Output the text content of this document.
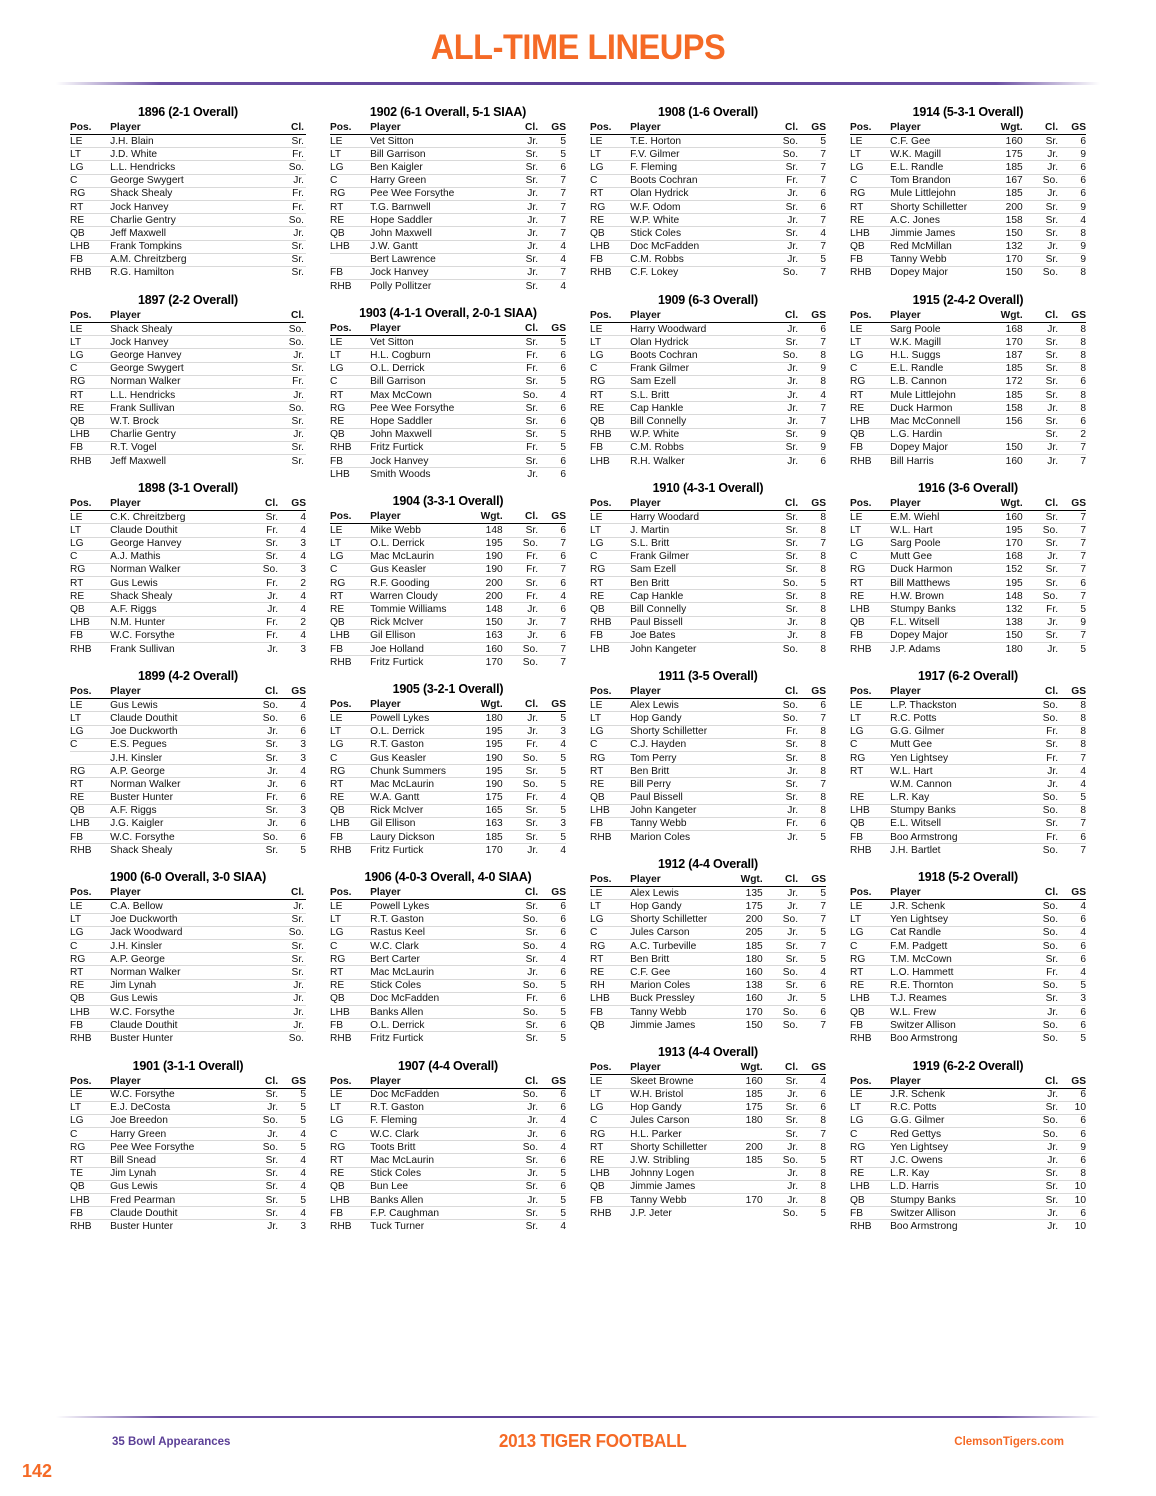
ALL-TIME LINEUPS
1896 (2-1 Overall)
Pos.	Player	Cl.
LE	J.H. Blain	Sr.
LT	J.D. White	Fr.
LG	L.L. Hendricks	So.
C	George Swygert	Jr.
RG	Shack Shealy	Fr.
RT	Jock Hanvey	Fr.
RE	Charlie Gentry	So.
QB	Jeff Maxwell	Jr.
LHB	Frank Tompkins	Sr.
FB	A.M. Chreitzberg	Sr.
RHB	R.G. Hamilton	Sr.
1897 (2-2 Overall)
Pos.	Player	Cl.
LE	Shack Shealy	So.
LT	Jock Hanvey	So.
LG	George Hanvey	Jr.
C	George Swygert	Sr.
RG	Norman Walker	Fr.
RT	L.L. Hendricks	Jr.
RE	Frank Sullivan	So.
QB	W.T. Brock	Sr.
LHB	Charlie Gentry	Jr.
FB	R.T. Vogel	Sr.
RHB	Jeff Maxwell	Sr.
1898 (3-1 Overall)
Pos.	Player	Cl.	GS
LE	C.K. Chreitzberg	Sr.	4
LT	Claude Douthit	Fr.	4
LG	George Hanvey	Sr.	3
C	A.J. Mathis	Sr.	4
RG	Norman Walker	So.	3
RT	Gus Lewis	Fr.	2
RE	Shack Shealy	Jr.	4
QB	A.F. Riggs	Jr.	4
LHB	N.M. Hunter	Fr.	2
FB	W.C. Forsythe	Fr.	4
RHB	Frank Sullivan	Jr.	3
1899 (4-2 Overall)
Pos.	Player	Cl.	GS
LE	Gus Lewis	So.	4
LT	Claude Douthit	So.	6
LG	Joe Duckworth	Jr.	6
C	E.S. Pegues	Sr.	3
	J.H. Kinsler	Sr.	3
RG	A.P. George	Jr.	4
RT	Norman Walker	Jr.	6
RE	Buster Hunter	Fr.	6
QB	A.F. Riggs	Sr.	3
LHB	J.G. Kaigler	Jr.	6
FB	W.C. Forsythe	So.	6
RHB	Shack Shealy	Sr.	5
1900 (6-0 Overall, 3-0 SIAA)
Pos.	Player	Cl.
LE	C.A. Bellow	Jr.
LT	Joe Duckworth	Sr.
LG	Jack Woodward	So.
C	J.H. Kinsler	Sr.
RG	A.P. George	Sr.
RT	Norman Walker	Sr.
RE	Jim Lynah	Jr.
QB	Gus Lewis	Jr.
LHB	W.C. Forsythe	Jr.
FB	Claude Douthit	Jr.
RHB	Buster Hunter	So.
1901 (3-1-1 Overall)
Pos.	Player	Cl.	GS
LE	W.C. Forsythe	Sr.	5
LT	E.J. DeCosta	Jr.	5
LG	Joe Breedon	So.	5
C	Harry Green	Jr.	4
RG	Pee Wee Forsythe	So.	5
RT	Bill Snead	Sr.	4
TE	Jim Lynah	Sr.	4
QB	Gus Lewis	Sr.	4
LHB	Fred Pearman	Sr.	5
FB	Claude Douthit	Sr.	4
RHB	Buster Hunter	Jr.	3
1902 (6-1 Overall, 5-1 SIAA)
Pos.	Player	Cl.	GS
LE	Vet Sitton	Jr.	5
LT	Bill Garrison	Sr.	5
LG	Ben Kaigler	Sr.	6
C	Harry Green	Sr.	7
RG	Pee Wee Forsythe	Jr.	7
RT	T.G. Barnwell	Jr.	7
RE	Hope Saddler	Jr.	7
QB	John Maxwell	Jr.	7
LHB	J.W. Gantt	Jr.	4
	Bert Lawrence	Sr.	4
FB	Jock Hanvey	Jr.	7
RHB	Polly Pollitzer	Sr.	4
1903 (4-1-1 Overall, 2-0-1 SIAA)
Pos.	Player	Cl.	GS
LE	Vet Sitton	Sr.	5
LT	H.L. Cogburn	Fr.	6
LG	O.L. Derrick	Fr.	6
C	Bill Garrison	Sr.	5
RT	Max McCown	So.	4
RG	Pee Wee Forsythe	Sr.	6
RE	Hope Saddler	Sr.	6
QB	John Maxwell	Sr.	5
RHB	Fritz Furtick	Fr.	5
FB	Jock Hanvey	Sr.	6
LHB	Smith Woods	Jr.	6
1904 (3-3-1 Overall)
Pos.	Player	Wgt.	Cl.	GS
LE	Mike Webb	148	Sr.	6
LT	O.L. Derrick	195	So.	7
LG	Mac McLaurin	190	Fr.	6
C	Gus Keasler	190	Fr.	7
RG	R.F. Gooding	200	Sr.	6
RT	Warren Cloudy	200	Fr.	4
RE	Tommie Williams	148	Jr.	6
QB	Rick McIver	150	Jr.	7
LHB	Gil Ellison	163	Jr.	6
FB	Joe Holland	160	So.	7
RHB	Fritz Furtick	170	So.	7
1905 (3-2-1 Overall)
Pos.	Player	Wgt.	Cl.	GS
LE	Powell Lykes	180	Jr.	5
LT	O.L. Derrick	195	Jr.	3
LG	R.T. Gaston	195	Fr.	4
C	Gus Keasler	190	So.	5
RG	Chunk Summers	195	Sr.	5
RT	Mac McLaurin	190	So.	5
RE	W.A. Gantt	175	Fr.	4
QB	Rick McIver	165	Sr.	5
LHB	Gil Ellison	163	Sr.	3
FB	Laury Dickson	185	Sr.	5
RHB	Fritz Furtick	170	Jr.	4
1906 (4-0-3 Overall, 4-0 SIAA)
Pos.	Player	Cl.	GS
LE	Powell Lykes	Sr.	6
LT	R.T. Gaston	So.	6
LG	Rastus Keel	Sr.	6
C	W.C. Clark	So.	4
RG	Bert Carter	Sr.	4
RT	Mac McLaurin	Jr.	6
RE	Stick Coles	So.	5
QB	Doc McFadden	Fr.	6
LHB	Banks Allen	So.	5
FB	O.L. Derrick	Sr.	6
RHB	Fritz Furtick	Sr.	5
1907 (4-4 Overall)
Pos.	Player	Cl.	GS
LE	Doc McFadden	So.	6
LT	R.T. Gaston	Jr.	6
LG	F. Fleming	Jr.	4
C	W.C. Clark	Jr.	6
RG	Toots Britt	So.	4
RT	Mac McLaurin	Sr.	6
RE	Stick Coles	Jr.	5
QB	Bun Lee	Sr.	6
LHB	Banks Allen	Jr.	5
FB	F.P. Caughman	Sr.	5
RHB	Tuck Turner	Sr.	4
1908 (1-6 Overall)
Pos.	Player	Cl.	GS
LE	T.E. Horton	So.	5
LT	F.V. Gilmer	So.	7
LG	F. Fleming	Sr.	7
C	Boots Cochran	Fr.	7
RT	Olan Hydrick	Jr.	6
RG	W.F. Odom	Sr.	6
RE	W.P. White	Jr.	7
QB	Stick Coles	Sr.	4
LHB	Doc McFadden	Jr.	7
FB	C.M. Robbs	Jr.	5
RHB	C.F. Lokey	So.	7
1909 (6-3 Overall)
Pos.	Player	Cl.	GS
LE	Harry Woodward	Jr.	6
LT	Olan Hydrick	Sr.	7
LG	Boots Cochran	So.	8
C	Frank Gilmer	Jr.	9
RG	Sam Ezell	Jr.	8
RT	S.L. Britt	Jr.	4
RE	Cap Hankle	Jr.	7
QB	Bill Connelly	Jr.	7
RHB	W.P. White	Sr.	9
FB	C.M. Robbs	Sr.	9
LHB	R.H. Walker	Jr.	6
1910 (4-3-1 Overall)
Pos.	Player	Cl.	GS
LE	Harry Woodard	Sr.	8
LT	J. Martin	Sr.	8
LG	S.L. Britt	Sr.	7
C	Frank Gilmer	Sr.	8
RG	Sam Ezell	Sr.	8
RT	Ben Britt	So.	5
RE	Cap Hankle	Sr.	8
QB	Bill Connelly	Sr.	8
RHB	Paul Bissell	Jr.	8
FB	Joe Bates	Jr.	8
LHB	John Kangeter	So.	8
1911 (3-5 Overall)
Pos.	Player	Cl.	GS
LE	Alex Lewis	So.	6
LT	Hop Gandy	So.	7
LG	Shorty Schilletter	Fr.	8
C	C.J. Hayden	Sr.	8
RG	Tom Perry	Sr.	8
RT	Ben Britt	Jr.	8
RE	Bill Perry	Sr.	7
QB	Paul Bissell	Sr.	8
LHB	John Kangeter	Jr.	8
FB	Tanny Webb	Fr.	6
RHB	Marion Coles	Jr.	5
1912 (4-4 Overall)
Pos.	Player	Wgt.	Cl.	GS
LE	Alex Lewis	135	Jr.	5
LT	Hop Gandy	175	Jr.	7
LG	Shorty Schilletter	200	So.	7
C	Jules Carson	205	Jr.	5
RG	A.C. Turbeville	185	Sr.	7
RT	Ben Britt	180	Sr.	5
RE	C.F. Gee	160	So.	4
RH	Marion Coles	138	Sr.	6
LHB	Buck Pressley	160	Jr.	5
FB	Tanny Webb	170	So.	6
QB	Jimmie James	150	So.	7
1913 (4-4 Overall)
Pos.	Player	Wgt.	Cl.	GS
LE	Skeet Browne	160	Sr.	4
LT	W.H. Bristol	185	Jr.	6
LG	Hop Gandy	175	Sr.	6
C	Jules Carson	180	Sr.	8
RG	H.L. Parker		Sr.	7
RT	Shorty Schilletter	200	Jr.	8
RE	J.W. Stribling	185	So.	5
LHB	Johnny Logen		Jr.	8
QB	Jimmie James		Jr.	8
FB	Tanny Webb	170	Jr.	8
RHB	J.P. Jeter		So.	5
1914 (5-3-1 Overall)
Pos.	Player	Wgt.	Cl.	GS
LE	C.F. Gee	160	Sr.	6
LT	W.K. Magill	175	Jr.	9
LG	E.L. Randle	185	Jr.	6
C	Tom Brandon	167	So.	6
RG	Mule Littlejohn	185	Jr.	6
RT	Shorty Schilletter	200	Sr.	9
RE	A.C. Jones	158	Sr.	4
LHB	Jimmie James	150	Sr.	8
QB	Red McMillan	132	Jr.	9
FB	Tanny Webb	170	Sr.	9
RHB	Dopey Major	150	So.	8
1915 (2-4-2 Overall)
Pos.	Player	Wgt.	Cl.	GS
LE	Sarg Poole	168	Jr.	8
LT	W.K. Magill	170	Sr.	8
LG	H.L. Suggs	187	Sr.	8
C	E.L. Randle	185	Sr.	8
RG	L.B. Cannon	172	Sr.	6
RT	Mule Littlejohn	185	Sr.	8
RE	Duck Harmon	158	Jr.	8
LHB	Mac McConnell	156	Sr.	6
QB	L.G. Hardin		Sr.	2
FB	Dopey Major	150	Jr.	7
RHB	Bill Harris	160	Jr.	7
1916 (3-6 Overall)
Pos.	Player	Wgt.	Cl.	GS
LE	E.M. Wiehl	160	Sr.	7
LT	W.L. Hart	195	So.	7
LG	Sarg Poole	170	Sr.	7
C	Mutt Gee	168	Jr.	7
RG	Duck Harmon	152	Sr.	7
RT	Bill Matthews	195	Sr.	6
RE	H.W. Brown	148	So.	7
LHB	Stumpy Banks	132	Fr.	5
QB	F.L. Witsell	138	Jr.	9
FB	Dopey Major	150	Sr.	7
RHB	J.P. Adams	180	Jr.	5
1917 (6-2 Overall)
Pos.	Player	Cl.	GS
LE	L.P. Thackston	So.	8
LT	R.C. Potts	So.	8
LG	G.G. Gilmer	Fr.	8
C	Mutt Gee	Sr.	8
RG	Yen Lightsey	Fr.	7
RT	W.L. Hart	Jr.	4
	W.M. Cannon	Jr.	4
RE	L.R. Kay	So.	5
LHB	Stumpy Banks	So.	8
QB	E.L. Witsell	Sr.	7
FB	Boo Armstrong	Fr.	6
RHB	J.H. Bartlet	So.	7
1918 (5-2 Overall)
Pos.	Player	Cl.	GS
LE	J.R. Schenk	So.	4
LT	Yen Lightsey	So.	6
LG	Cat Randle	So.	4
C	F.M. Padgett	So.	6
RG	T.M. McCown	Sr.	6
RT	L.O. Hammett	Fr.	4
RE	R.E. Thornton	So.	5
LHB	T.J. Reames	Sr.	3
QB	W.L. Frew	Jr.	6
FB	Switzer Allison	So.	6
RHB	Boo Armstrong	So.	5
1919 (6-2-2 Overall)
Pos.	Player	Cl.	GS
LE	J.R. Schenk	Jr.	6
LT	R.C. Potts	Sr.	10
LG	G.G. Gilmer	So.	6
C	Red Gettys	So.	6
RG	Yen Lightsey	Jr.	9
RT	J.C. Owens	Jr.	6
RE	L.R. Kay	Sr.	8
LHB	L.D. Harris	Sr.	10
QB	Stumpy Banks	Sr.	10
FB	Switzer Allison	Jr.	6
RHB	Boo Armstrong	Jr.	10
35 Bowl Appearances	2013 TIGER FOOTBALL	ClemsonTigers.com
142
